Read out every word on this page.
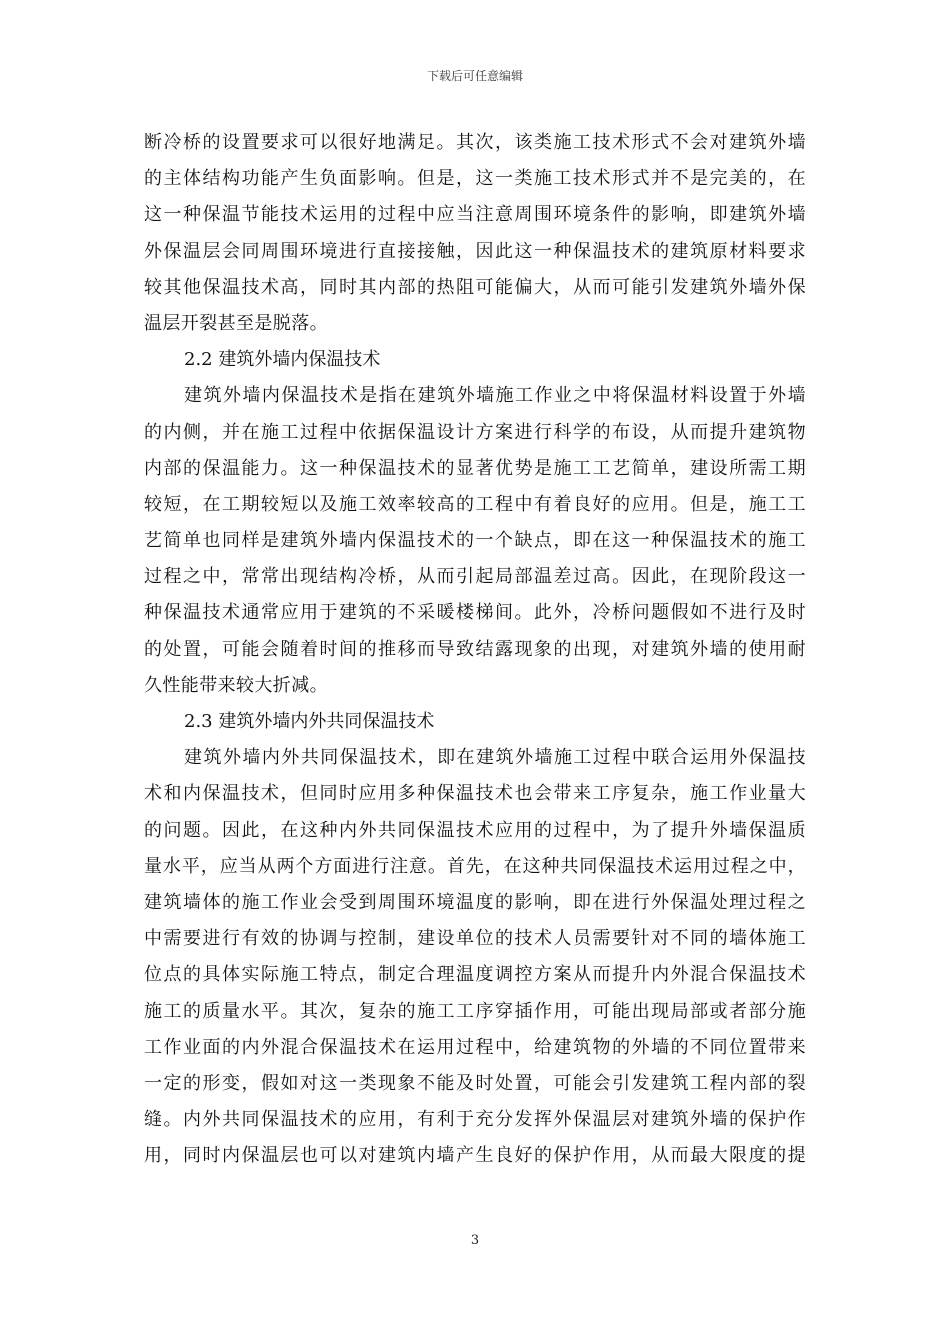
下载后可任意编辑
断冷桥的设置要求可以很好地满足。其次，该类施工技术形式不会对建筑外墙
的主体结构功能产生负面影响。但是，这一类施工技术形式并不是完美的，在
这一种保温节能技术运用的过程中应当注意周围环境条件的影响，即建筑外墙
外保温层会同周围环境进行直接接触，因此这一种保温技术的建筑原材料要求
较其他保温技术高，同时其内部的热阻可能偏大，从而可能引发建筑外墙外保
温层开裂甚至是脱落。
2.2 建筑外墙内保温技术
建筑外墙内保温技术是指在建筑外墙施工作业之中将保温材料设置于外墙
的内侧，并在施工过程中依据保温设计方案进行科学的布设，从而提升建筑物
内部的保温能力。这一种保温技术的显著优势是施工工艺简单，建设所需工期
较短，在工期较短以及施工效率较高的工程中有着良好的应用。但是，施工工
艺简单也同样是建筑外墙内保温技术的一个缺点，即在这一种保温技术的施工
过程之中，常常出现结构冷桥，从而引起局部温差过高。因此，在现阶段这一
种保温技术通常应用于建筑的不采暖楼梯间。此外，冷桥问题假如不进行及时
的处置，可能会随着时间的推移而导致结露现象的出现，对建筑外墙的使用耐
久性能带来较大折减。
2.3 建筑外墙内外共同保温技术
建筑外墙内外共同保温技术，即在建筑外墙施工过程中联合运用外保温技
术和内保温技术，但同时应用多种保温技术也会带来工序复杂，施工作业量大
的问题。因此，在这种内外共同保温技术应用的过程中，为了提升外墙保温质
量水平，应当从两个方面进行注意。首先，在这种共同保温技术运用过程之中，
建筑墙体的施工作业会受到周围环境温度的影响，即在进行外保温处理过程之
中需要进行有效的协调与控制，建设单位的技术人员需要针对不同的墙体施工
位点的具体实际施工特点，制定合理温度调控方案从而提升内外混合保温技术
施工的质量水平。其次，复杂的施工工序穿插作用，可能出现局部或者部分施
工作业面的内外混合保温技术在运用过程中，给建筑物的外墙的不同位置带来
一定的形变，假如对这一类现象不能及时处置，可能会引发建筑工程内部的裂
缝。内外共同保温技术的应用，有利于充分发挥外保温层对建筑外墙的保护作
用，同时内保温层也可以对建筑内墙产生良好的保护作用，从而最大限度的提
3
